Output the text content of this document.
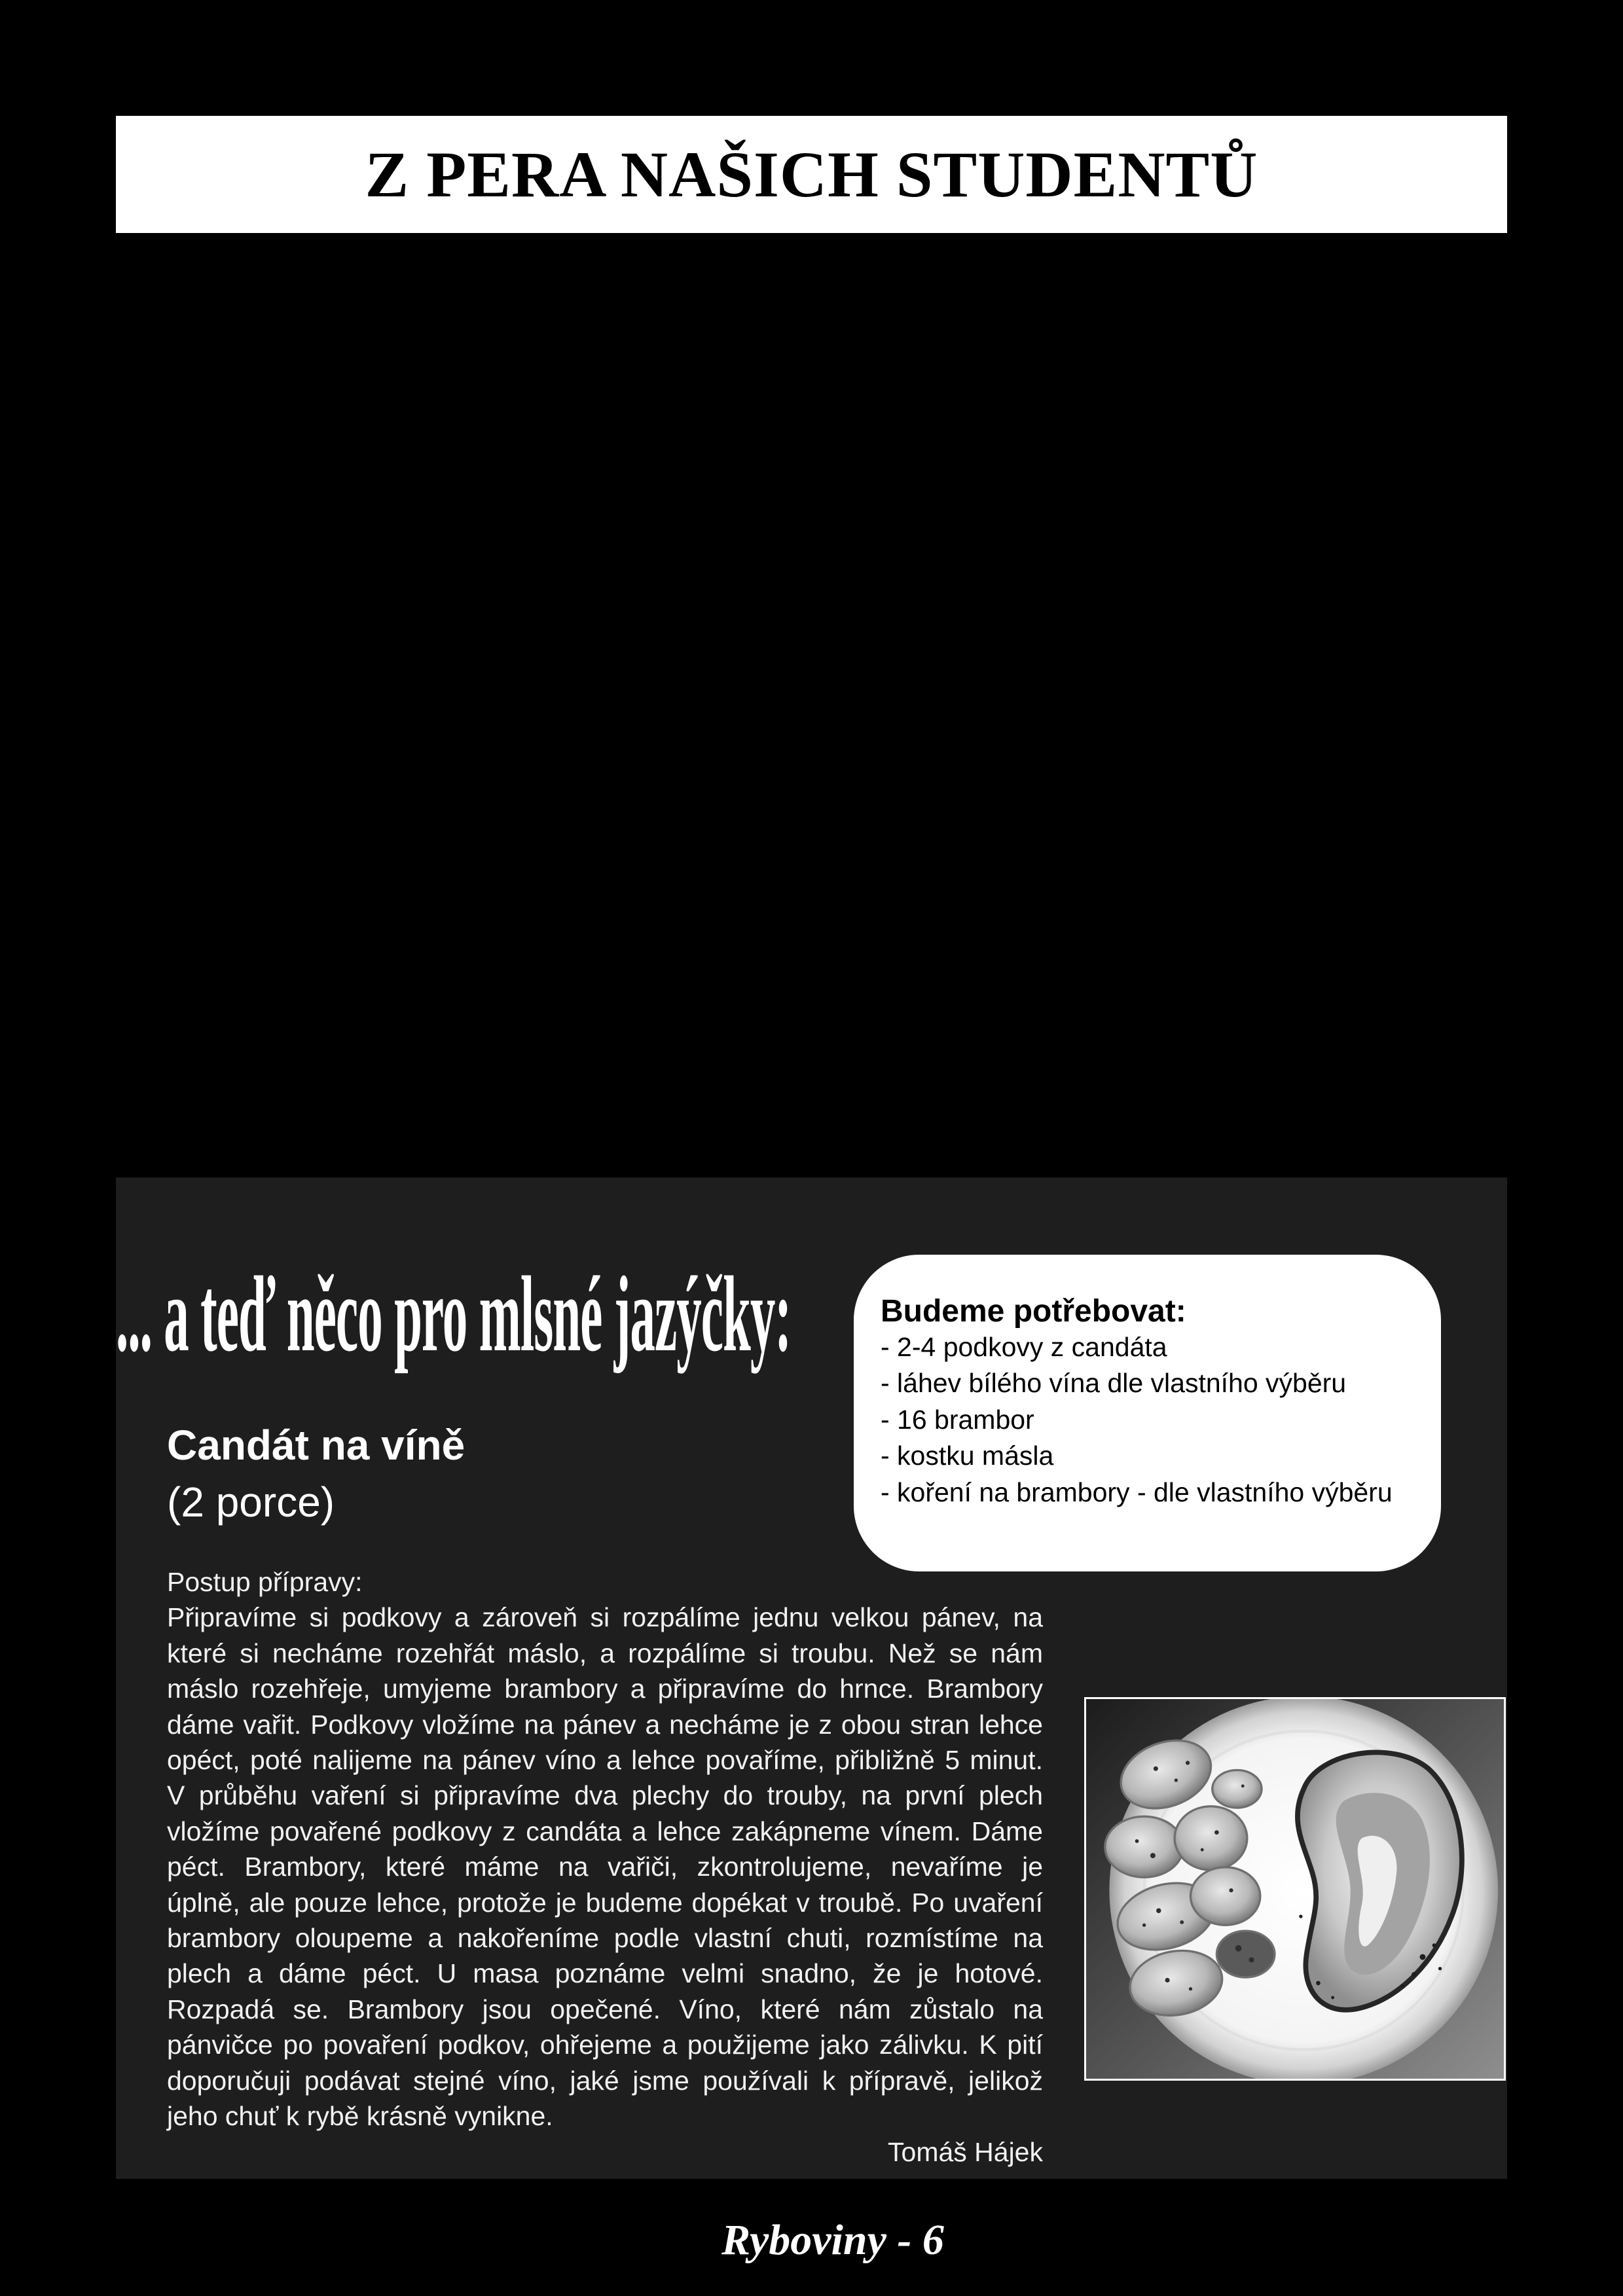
Z PERA NAŠICH STUDENTŮ
... a teď něco pro mlsné jazýčky:
Candát na víně
(2 porce)
Budeme potřebovat:
- 2-4 podkovy z candáta
- láhev bílého vína dle vlastního výběru
- 16 brambor
- kostku másla
- koření na brambory - dle vlastního výběru
Postup přípravy:
Připravíme si podkovy a zároveň si rozpálíme jednu velkou pánev, na
které si necháme rozehřát máslo, a rozpálíme si troubu. Než se nám
máslo rozehřeje, umyjeme brambory a připravíme do hrnce. Brambory
dáme vařit. Podkovy vložíme na pánev a necháme je z obou stran lehce
opéct, poté nalijeme na pánev víno a lehce povaříme, přibližně 5 minut.
V průběhu vaření si připravíme dva plechy do trouby, na první plech
vložíme povařené podkovy z candáta a lehce zakápneme vínem. Dáme
péct. Brambory, které máme na vařiči, zkontrolujeme, nevaříme je
úplně, ale pouze lehce, protože je budeme dopékat v troubě. Po uvaření
brambory oloupeme a nakořeníme podle vlastní chuti, rozmístíme na
plech a dáme péct. U masa poznáme velmi snadno, že je hotové.
Rozpadá se. Brambory jsou opečené. Víno, které nám zůstalo na
pánvičce po povaření podkov, ohřejeme a použijeme jako zálivku. K pití
doporučuji podávat stejné víno, jaké jsme používali k přípravě, jelikož
jeho chuť k rybě krásně vynikne.
Tomáš Hájek
Ryboviny - 6
